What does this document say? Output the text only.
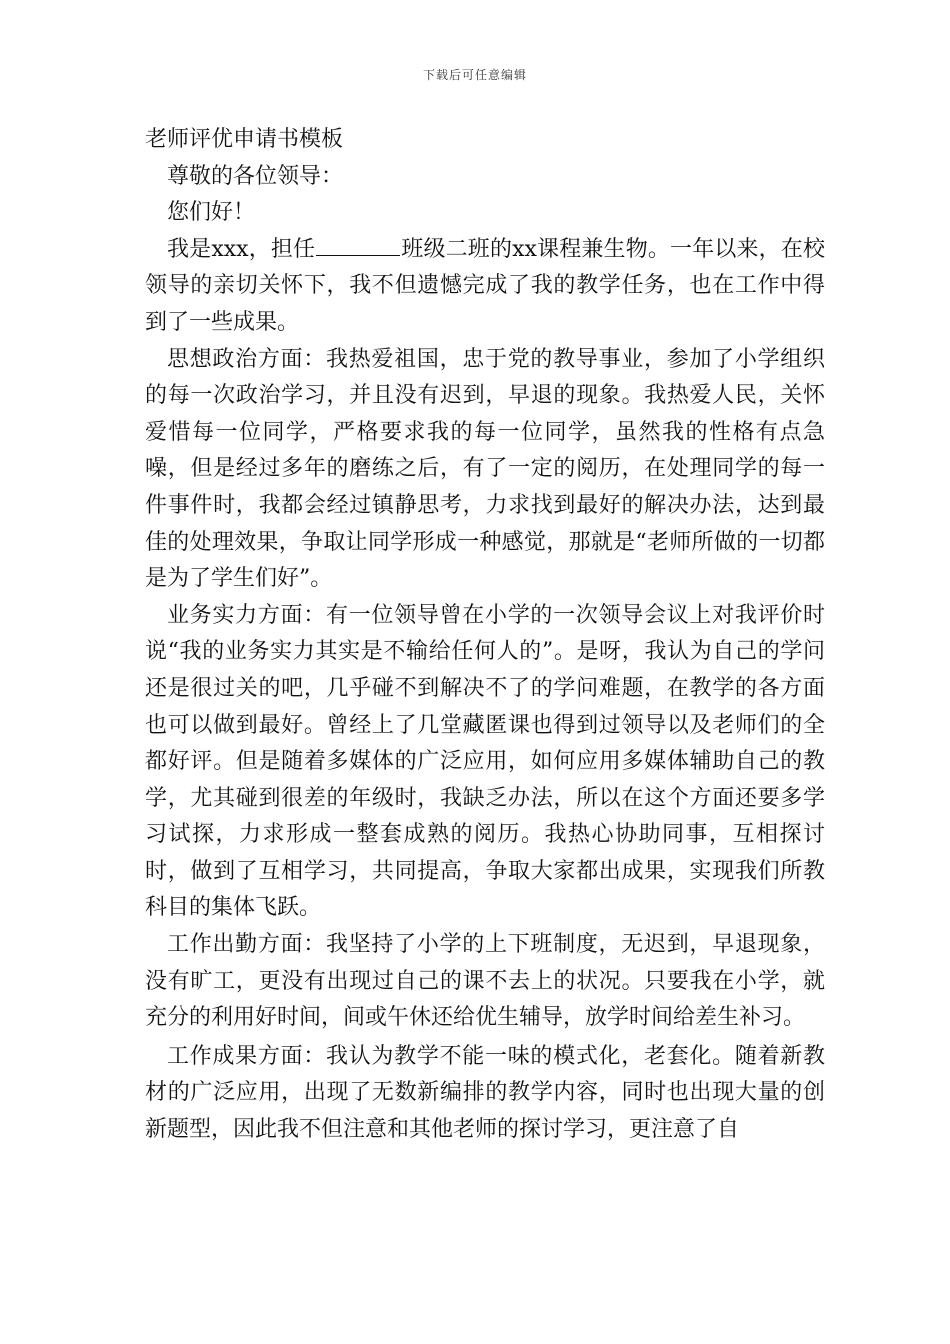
下载后可任意编辑

老师评优申请书模板

尊敬的各位领导：

您们好！

我是xxx，担任	班级二班的xx课程兼生物。一年以来，在校领导的亲切关怀下，我不但遗憾完成了我的教学任务，也在工作中得到了一些成果。

思想政治方面：我热爱祖国，忠于党的教导事业，参加了小学组织的每一次政治学习，并且没有迟到，早退的现象。我热爱人民，关怀爱惜每一位同学，严格要求我的每一位同学，虽然我的性格有点急噪，但是经过多年的磨练之后，有了一定的阅历，在处理同学的每一件事件时，我都会经过镇静思考，力求找到最好的解决办法，达到最佳的处理效果，争取让同学形成一种感觉，那就是“老师所做的一切都是为了学生们好”。

业务实力方面：有一位领导曾在小学的一次领导会议上对我评价时说“我的业务实力其实是不输给任何人的”。是呀，我认为自己的学问还是很过关的吧，几乎碰不到解决不了的学问难题，在教学的各方面也可以做到最好。曾经上了几堂藏匿课也得到过领导以及老师们的全都好评。但是随着多媒体的广泛应用，如何应用多媒体辅助自己的教学，尤其碰到很差的年级时，我缺乏办法，所以在这个方面还要多学习试探，力求形成一整套成熟的阅历。我热心协助同事，互相探讨时，做到了互相学习，共同提高，争取大家都出成果，实现我们所教科目的集体飞跃。

工作出勤方面：我坚持了小学的上下班制度，无迟到，早退现象，没有旷工，更没有出现过自己的课不去上的状况。只要我在小学，就充分的利用好时间，间或午休还给优生辅导，放学时间给差生补习。

工作成果方面：我认为教学不能一味的模式化，老套化。随着新教材的广泛应用，出现了无数新编排的教学内容，同时也出现大量的创新题型，因此我不但注意和其他老师的探讨学习，更注意了自
